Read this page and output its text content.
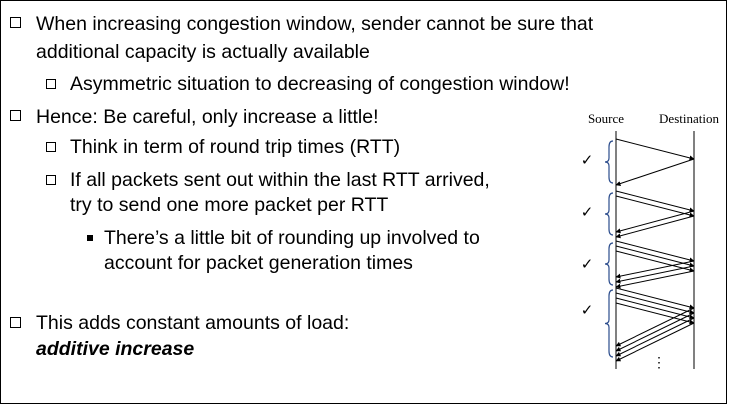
When increasing congestion window, sender cannot be sure that
additional capacity is actually available
Asymmetric situation to decreasing of congestion window!
Hence: Be careful, only increase a little!
Think in term of round trip times (RTT)
If all packets sent out within the last RTT arrived,
try to send one more packet per RTT
There’s a little bit of rounding up involved to
account for packet generation times
This adds constant amounts of load:
additive increase
Source	Destination
✓
✓
✓
✓
⋮
